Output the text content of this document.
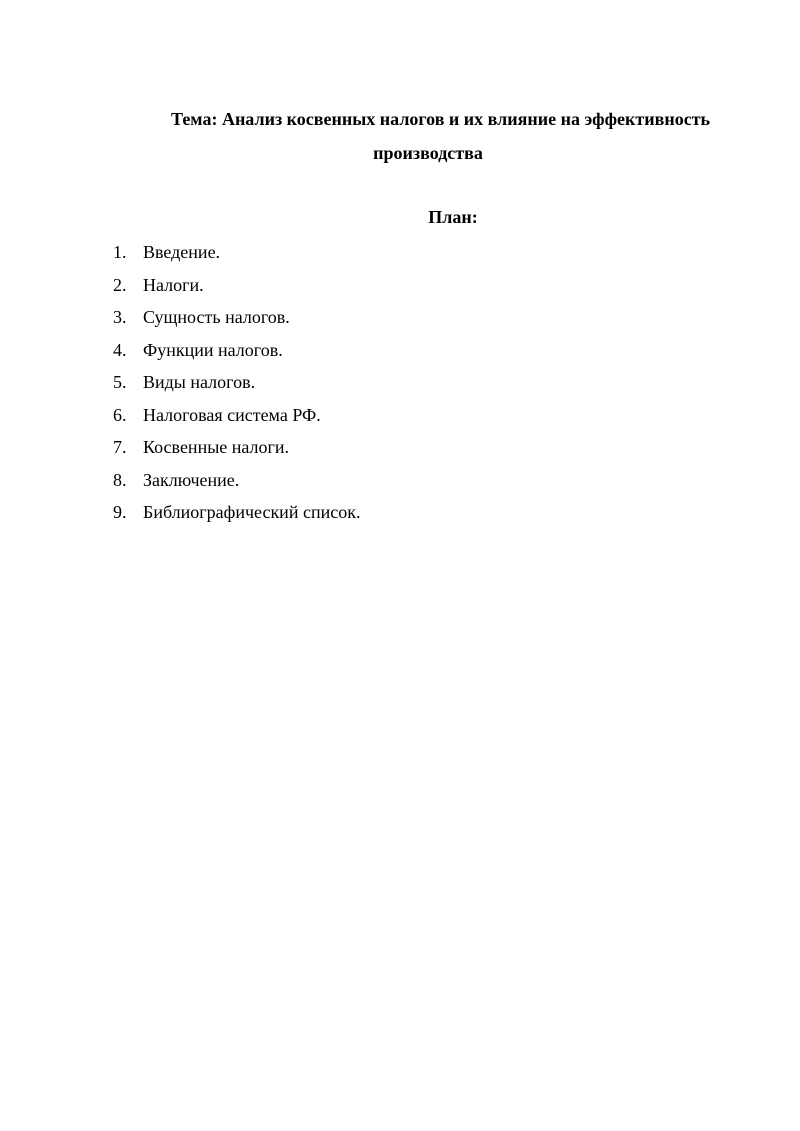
Тема: Анализ косвенных налогов и их влияние на эффективность
производства
План:
1. Введение.
2. Налоги.
3. Сущность налогов.
4. Функции налогов.
5. Виды налогов.
6. Налоговая система РФ.
7. Косвенные налоги.
8. Заключение.
9. Библиографический список.
